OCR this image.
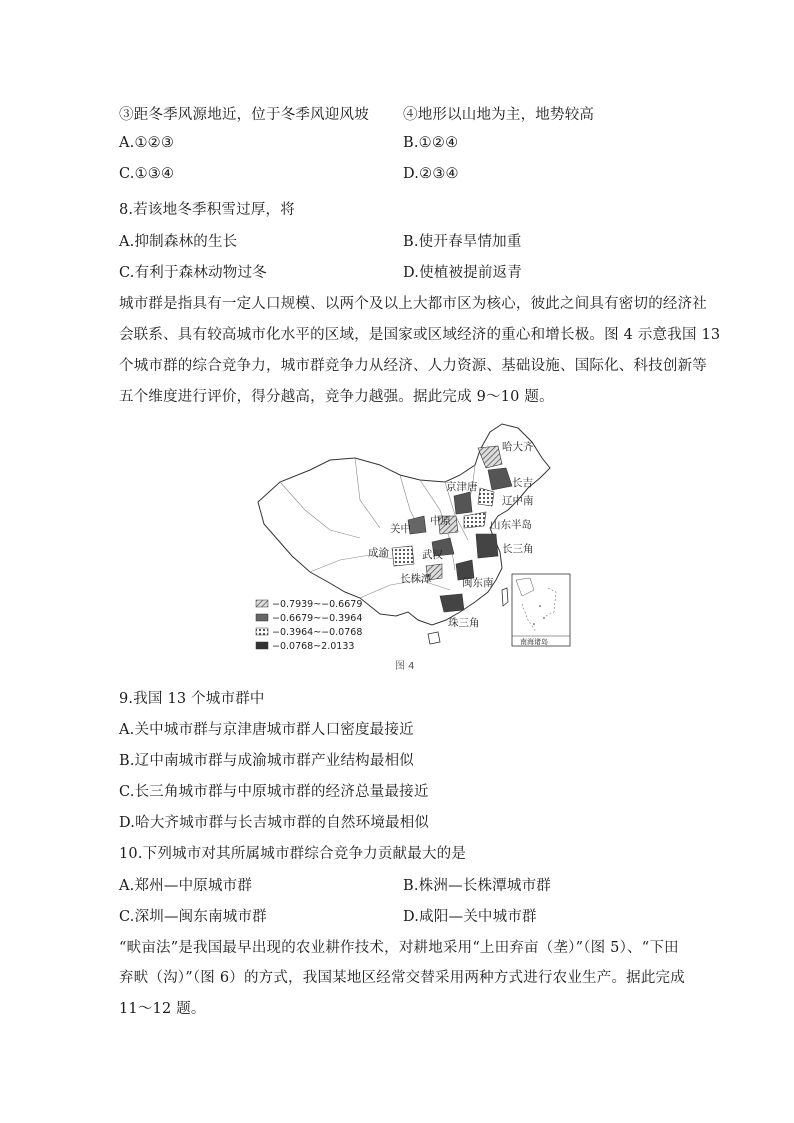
③距冬季风源地近，位于冬季风迎风坡 ④地形以山地为主，地势较高
A.①②③	B.①②④
C.①③④	D.②③④
8.若该地冬季积雪过厚，将
A.抑制森林的生长	B.使开春旱情加重
C.有利于森林动物过冬	D.使植被提前返青
城市群是指具有一定人口规模、以两个及以上大都市区为核心，彼此之间具有密切的经济社
会联系、具有较高城市化水平的区域，是国家或区域经济的重心和增长极。图 4 示意我国 13
个城市群的综合竞争力，城市群竞争力从经济、人力资源、基础设施、国际化、科技创新等
五个维度进行评价，得分越高，竞争力越强。据此完成 9～10 题。
哈大齐
长吉
京津唐
辽中南
中原	山东半岛
关中
武汉	长三角
成渝
闽东南
长株潭
珠三角
−0.7939~−0.6679
−0.6679~−0.3964
−0.3964~−0.0768
−0.0768~2.0133	南海诸岛
图 4
9.我国 13 个城市群中
A.关中城市群与京津唐城市群人口密度最接近
B.辽中南城市群与成渝城市群产业结构最相似
C.长三角城市群与中原城市群的经济总量最接近
D.哈大齐城市群与长吉城市群的自然环境最相似
10.下列城市对其所属城市群综合竞争力贡献最大的是
A.郑州—中原城市群	B.株洲—长株潭城市群
C.深圳—闽东南城市群	D.咸阳—关中城市群
“畎亩法”是我国最早出现的农业耕作技术，对耕地采用“上田弃亩（垄）”（图 5）、“下田
弃畎（沟）”（图 6）的方式，我国某地区经常交替采用两种方式进行农业生产。据此完成
11～12 题。
